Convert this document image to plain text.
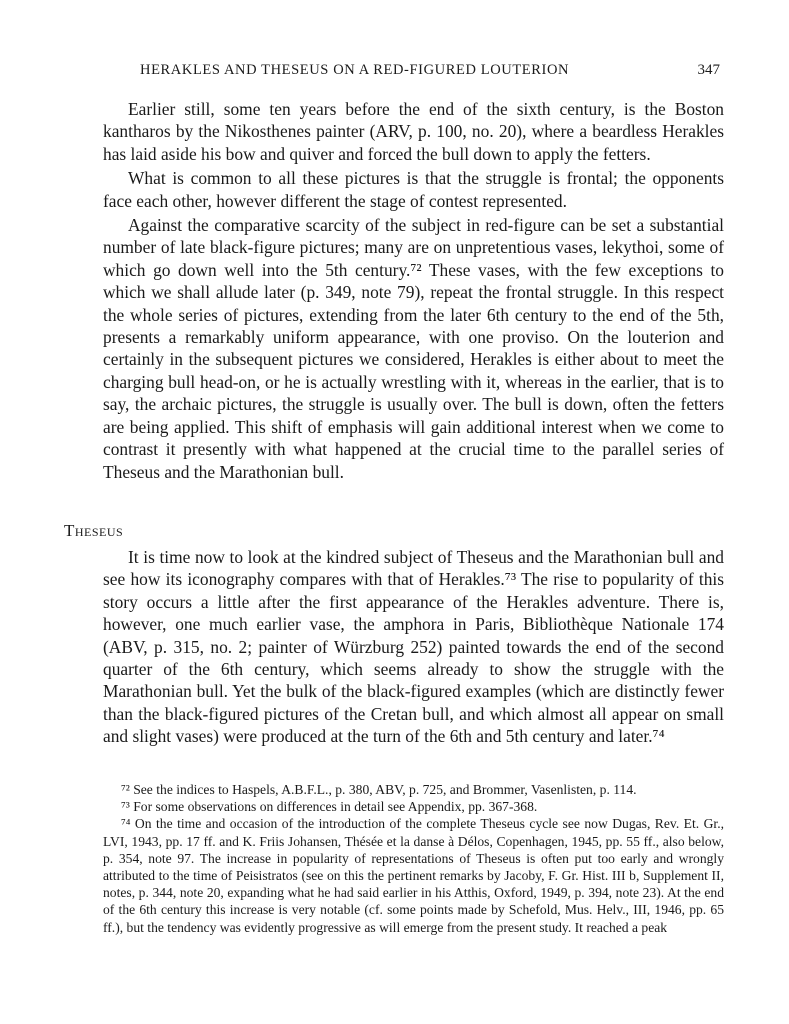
HERAKLES AND THESEUS ON A RED-FIGURED LOUTERION	347

Earlier still, some ten years before the end of the sixth century, is the Boston kantharos by the Nikosthenes painter (ARV, p. 100, no. 20), where a beardless Herakles has laid aside his bow and quiver and forced the bull down to apply the fetters.

What is common to all these pictures is that the struggle is frontal; the opponents face each other, however different the stage of contest represented.

Against the comparative scarcity of the subject in red-figure can be set a substantial number of late black-figure pictures; many are on unpretentious vases, lekythoi, some of which go down well into the 5th century.⁷² These vases, with the few exceptions to which we shall allude later (p. 349, note 79), repeat the frontal struggle. In this respect the whole series of pictures, extending from the later 6th century to the end of the 5th, presents a remarkably uniform appearance, with one proviso. On the louterion and certainly in the subsequent pictures we considered, Herakles is either about to meet the charging bull head-on, or he is actually wrestling with it, whereas in the earlier, that is to say, the archaic pictures, the struggle is usually over. The bull is down, often the fetters are being applied. This shift of emphasis will gain additional interest when we come to contrast it presently with what happened at the crucial time to the parallel series of Theseus and the Marathonian bull.

Theseus

It is time now to look at the kindred subject of Theseus and the Marathonian bull and see how its iconography compares with that of Herakles.⁷³ The rise to popularity of this story occurs a little after the first appearance of the Herakles adventure. There is, however, one much earlier vase, the amphora in Paris, Bibliothèque Nationale 174 (ABV, p. 315, no. 2; painter of Würzburg 252) painted towards the end of the second quarter of the 6th century, which seems already to show the struggle with the Marathonian bull. Yet the bulk of the black-figured examples (which are distinctly fewer than the black-figured pictures of the Cretan bull, and which almost all appear on small and slight vases) were produced at the turn of the 6th and 5th century and later.⁷⁴

⁷² See the indices to Haspels, A.B.F.L., p. 380, ABV, p. 725, and Brommer, Vasenlisten, p. 114.

⁷³ For some observations on differences in detail see Appendix, pp. 367-368.

⁷⁴ On the time and occasion of the introduction of the complete Theseus cycle see now Dugas, Rev. Et. Gr., LVI, 1943, pp. 17 ff. and K. Friis Johansen, Thésée et la danse à Délos, Copenhagen, 1945, pp. 55 ff., also below, p. 354, note 97. The increase in popularity of representations of Theseus is often put too early and wrongly attributed to the time of Peisistratos (see on this the pertinent remarks by Jacoby, F. Gr. Hist. III b, Supplement II, notes, p. 344, note 20, expanding what he had said earlier in his Atthis, Oxford, 1949, p. 394, note 23). At the end of the 6th century this increase is very notable (cf. some points made by Schefold, Mus. Helv., III, 1946, pp. 65 ff.), but the tendency was evidently progressive as will emerge from the present study. It reached a peak
